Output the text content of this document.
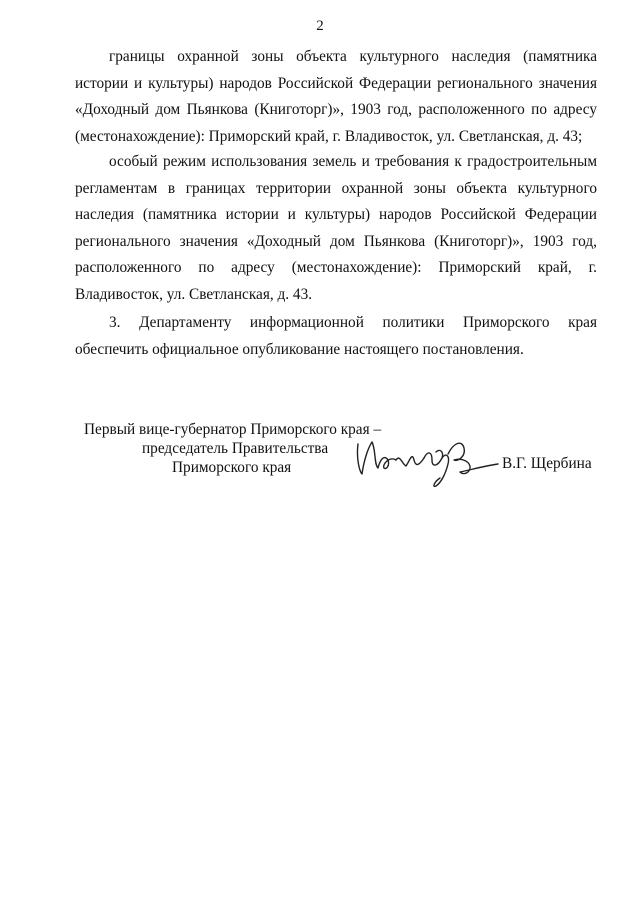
2

границы охранной зоны объекта культурного наследия (памятника истории и культуры) народов Российской Федерации регионального значения «Доходный дом Пьянкова (Книготорг)», 1903 год, расположенного по адресу (местонахождение): Приморский край, г. Владивосток, ул. Светланская, д. 43;

особый режим использования земель и требования к градостроительным регламентам в границах территории охранной зоны объекта культурного наследия (памятника истории и культуры) народов Российской Федерации регионального значения «Доходный дом Пьянкова (Книготорг)», 1903 год, расположенного по адресу (местонахождение): Приморский край, г. Владивосток, ул. Светланская, д. 43.

3. Департаменту информационной политики Приморского края обеспечить официальное опубликование настоящего постановления.

Первый вице-губернатор Приморского края –
председатель Правительства
Приморского края	В.Г. Щербина
